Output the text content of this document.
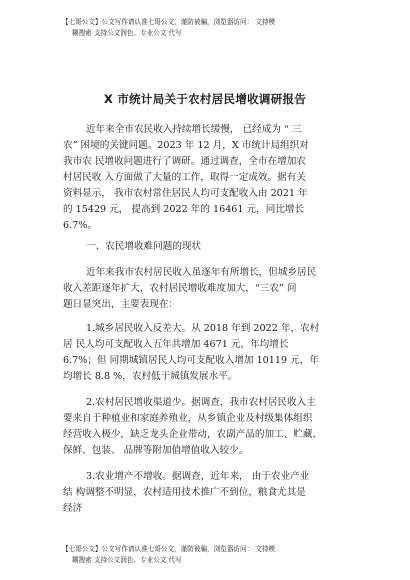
【七哥公文】公文写作请认准七哥公文，谨防被骗，浏览器访问： 文持模
糊搜索 支持公文润色、专业公文 代写
X 市统计局关于农村居民增收调研报告
近年来全市农民收入持续增长缓慢， 已经成为 “ 三
农” 困境的关键问题。2023 年 12 月，X 市统计局组织对
我市农 民增收问题进行了调研。通过调查，全市在增加农
村居民收 入方面做了大量的工作，取得一定成效。据有关
资料显示， 我市农村常住居民人均可支配收入由 2021 年
的 15429 元， 提高到 2022 年的 16461 元，同比增长
6.7%。
一、农民增收难问题的现状
近年来我市农村居民收入虽逐年有所增长，但城乡居民
收入差距逐年扩大，农村居民增收难度加大，“三农” 问
题日显突出，主要表现在：
1.城乡居民收入反差大。从 2018 年到 2022 年，农村
居 民人均可支配收入五年共增加 4671 元，年均增长
6.7%；但 同期城镇居民人均可支配收入增加 10119 元，年
均增长 8.8 %，农村低于城镇发展水平。
2.农村居民增收渠道少。据调查，我市农村居民收入主
要来自于种植业和家庭养殖业，从乡镇企业及村级集体组织
经营收入极少，缺乏龙头企业带动，农副产品的加工、贮藏、
保鲜、包装、 品牌等附加值增值收入较少。
3.农业增产不增收。据调查，近年来， 由于农业产业
结 构调整不明显，农村适用技术推广不到位，粮食尤其是
经济
【七哥公文】公文写作请认准七哥公文，谨防被骗，浏览器访问： 文持模
糊搜索 支持公文润色、专业公文 代写
